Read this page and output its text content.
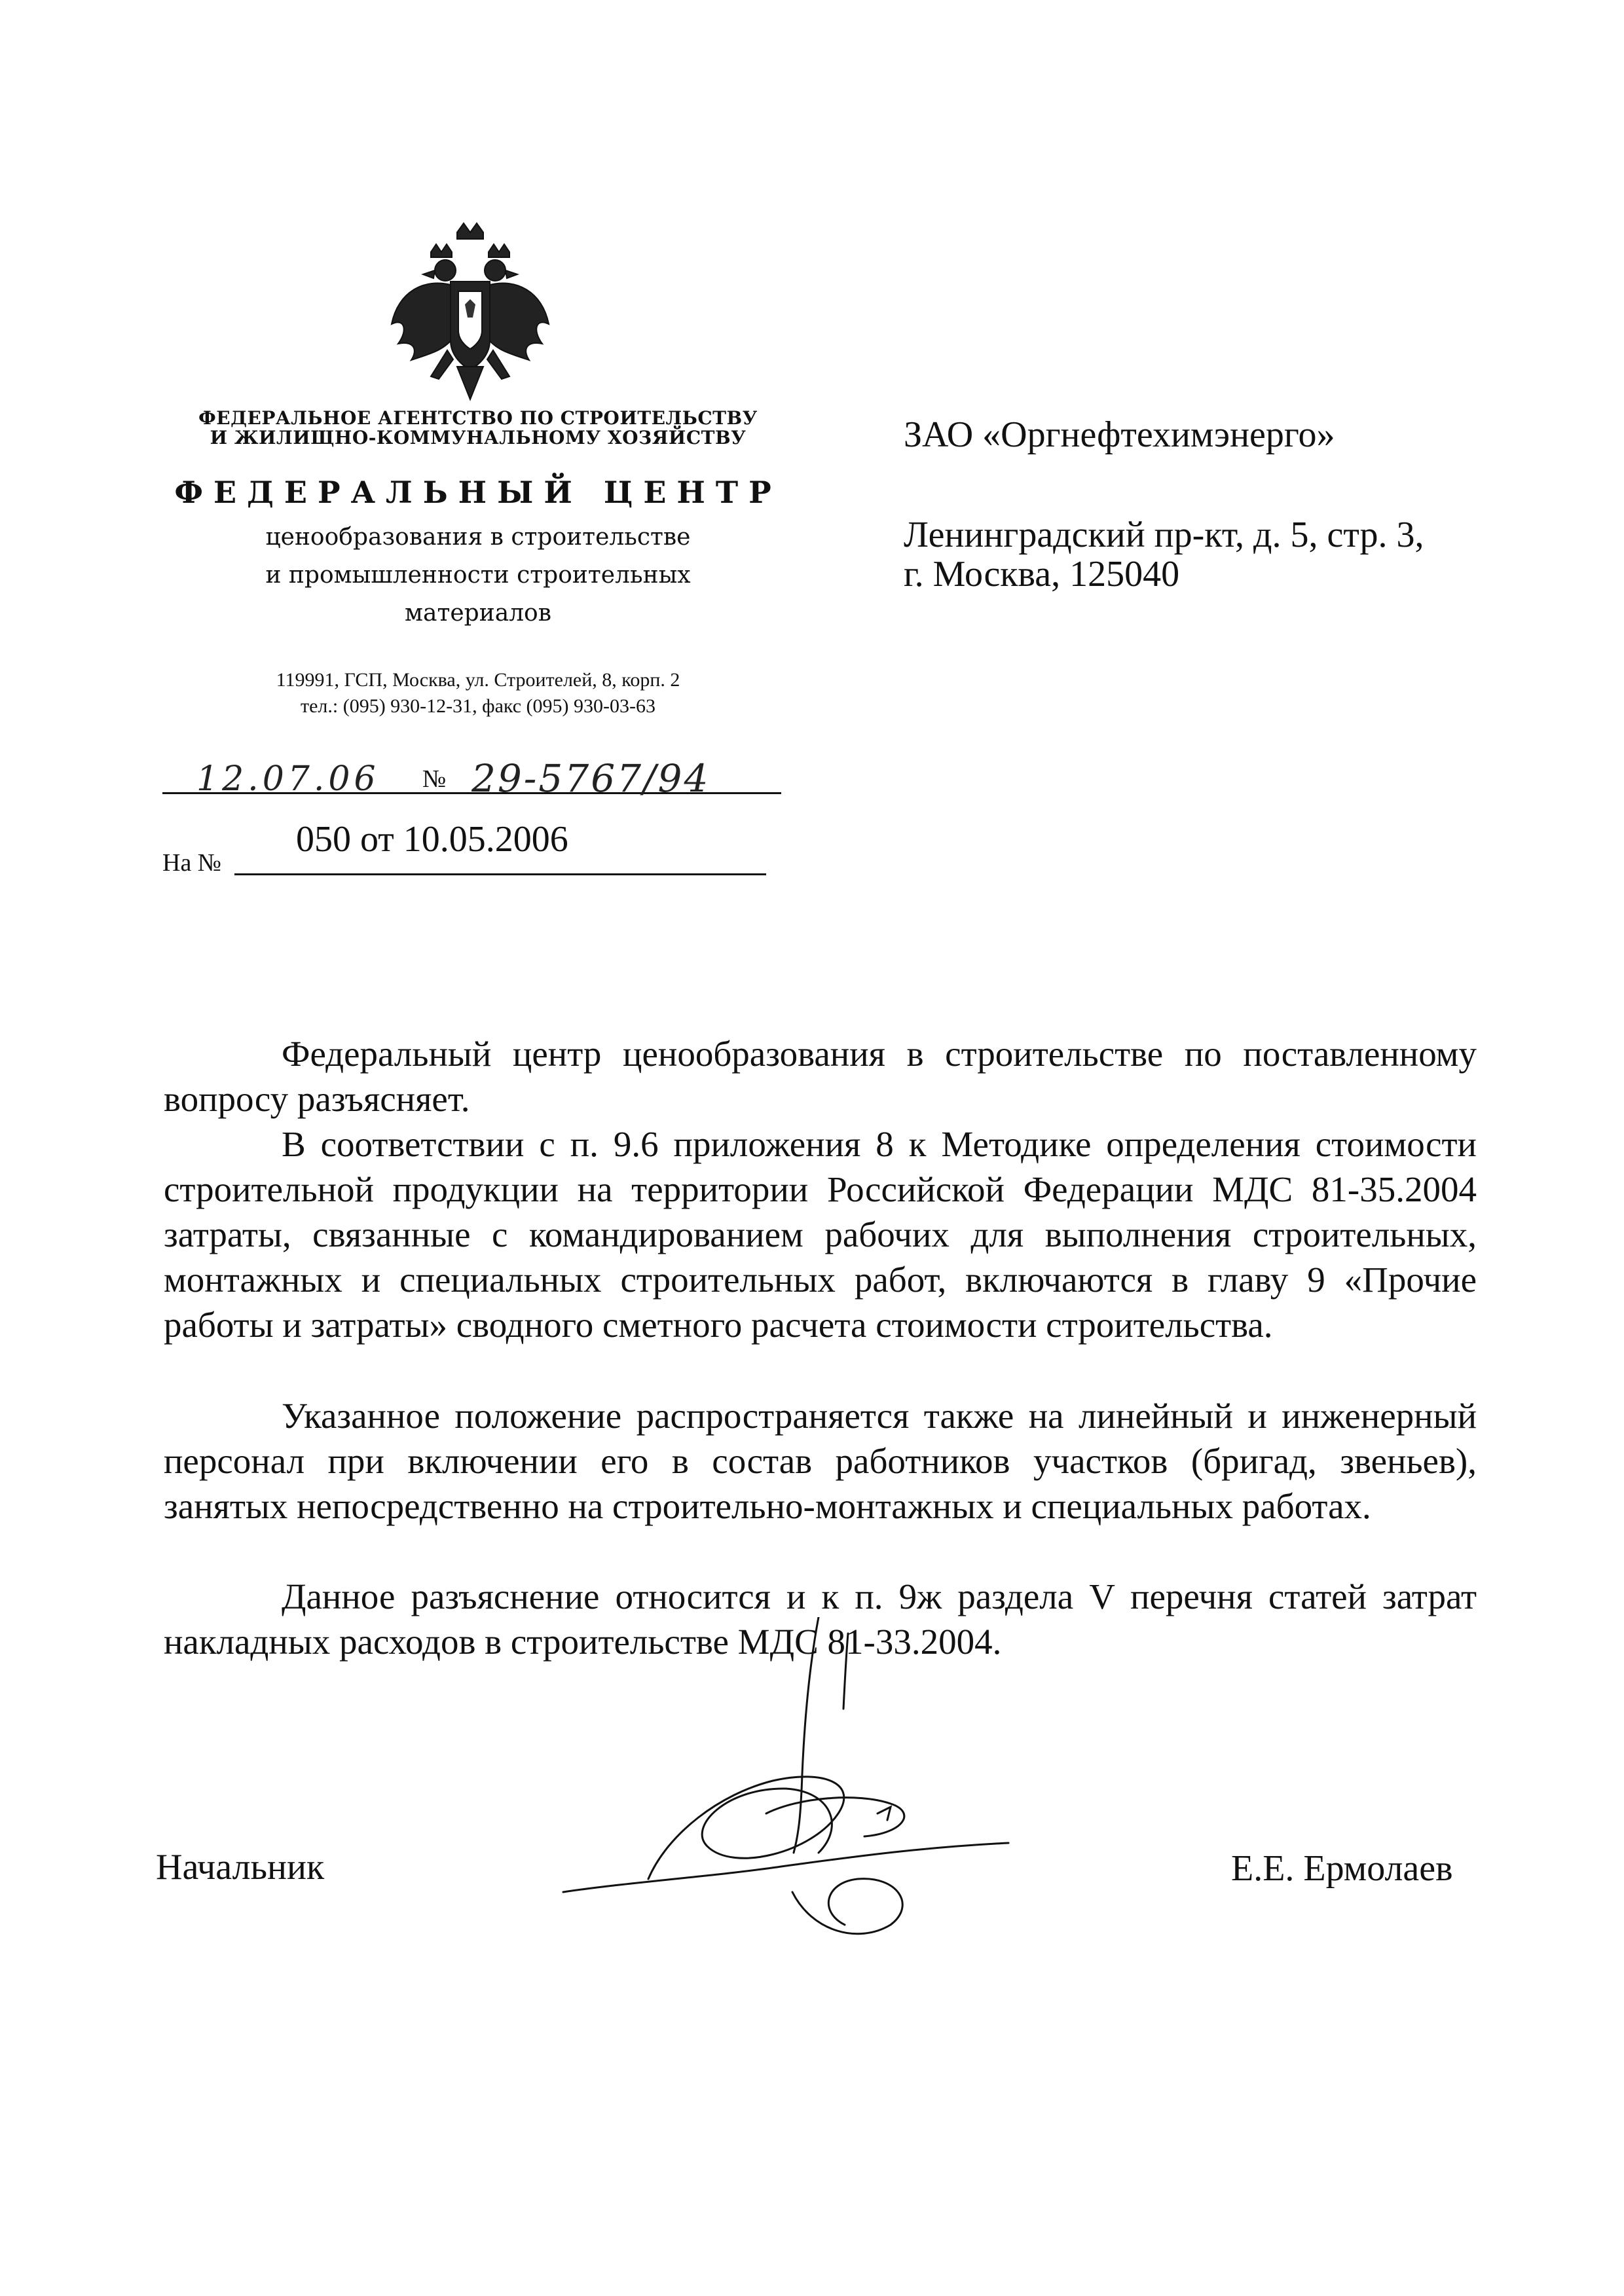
ФЕДЕРАЛЬНОЕ АГЕНТСТВО ПО СТРОИТЕЛЬСТВУ
И ЖИЛИЩНО-КОММУНАЛЬНОМУ ХОЗЯЙСТВУ
ФЕДЕРАЛЬНЫЙ ЦЕНТР
ценообразования в строительстве
и промышленности строительных
материалов
119991, ГСП, Москва, ул. Строителей, 8, корп. 2
тел.: (095) 930-12-31, факс (095) 930-03-63
12.07.06 № 29-5767/94
На №
050 от 10.05.2006
ЗАО «Оргнефтехимэнерго»
Ленинградский пр-кт, д. 5, стр. 3,
г. Москва, 125040
Федеральный центр ценообразования в строительстве по поставленному вопросу разъясняет.
В соответствии с п. 9.6 приложения 8 к Методике определения стоимости строительной продукции на территории Российской Федерации МДС 81-35.2004 затраты, связанные с командированием рабочих для выполнения строительных, монтажных и специальных строительных работ, включаются в главу 9 «Прочие работы и затраты» сводного сметного расчета стоимости строительства.
Указанное положение распространяется также на линейный и инженерный персонал при включении его в состав работников участков (бригад, звеньев), занятых непосредственно на строительно-монтажных и специальных работах.
Данное разъяснение относится и к п. 9ж раздела V перечня статей затрат накладных расходов в строительстве МДС 81-33.2004.
Начальник	Е.Е. Ермолаев
